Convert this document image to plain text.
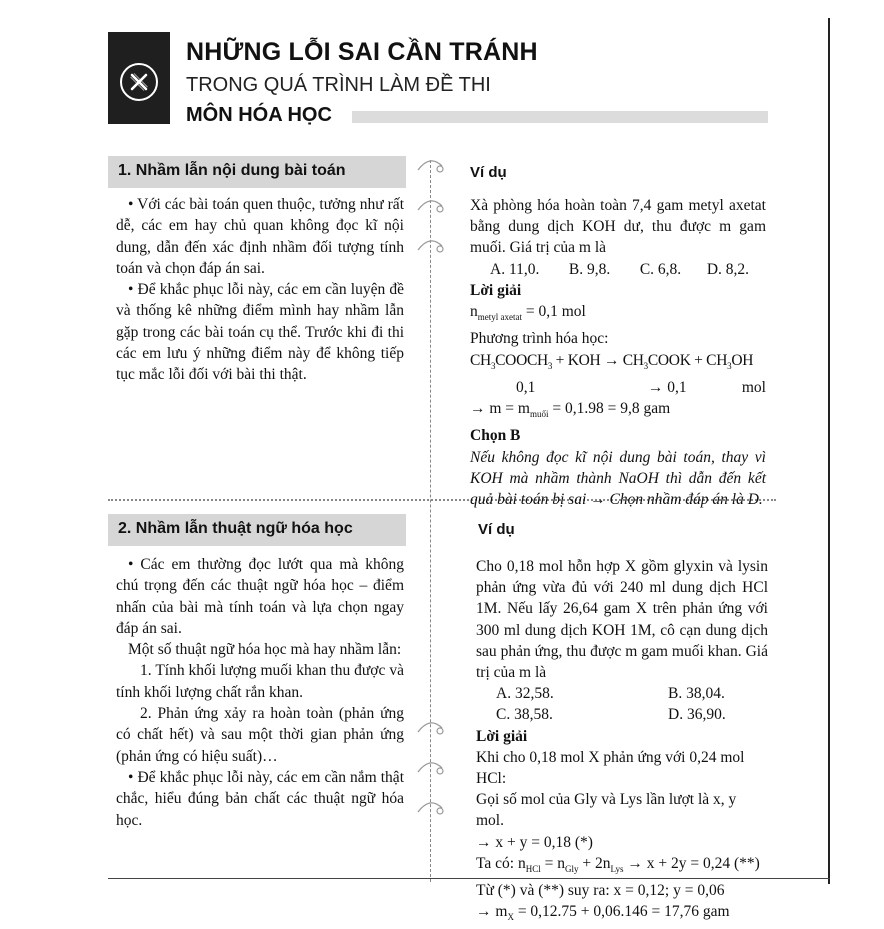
NHỮNG LỖI SAI CẦN TRÁNH
TRONG QUÁ TRÌNH LÀM ĐỀ THI
MÔN HÓA HỌC
1. Nhầm lẫn nội dung bài toán

• Với các bài toán quen thuộc, tưởng như rất dễ, các em hay chủ quan không đọc kĩ nội dung, dẫn đến xác định nhầm đối tượng tính toán và chọn đáp án sai.

• Để khắc phục lỗi này, các em cần luyện đề và thống kê những điểm mình hay nhầm lẫn gặp trong các bài toán cụ thể. Trước khi đi thi các em lưu ý những điểm này để không tiếp tục mắc lỗi đối với bài thi thật.

Ví dụ

Xà phòng hóa hoàn toàn 7,4 gam metyl axetat bằng dung dịch KOH dư, thu được m gam muối. Giá trị của m là

A. 11,0.	B. 9,8.	C. 6,8.	D. 8,2.

Lời giải

$n_{metyl axetat} = 0,1$ mol

Phương trình hóa học:

$CH_3COOCH_3$ + KOH → $CH_3COOK + CH_3OH$

0,1	→ 0,1	mol

→ $m = m_{muối} = 0,1.98 = 9,8$ gam

Chọn B

Nếu không đọc kĩ nội dung bài toán, thay vì KOH mà nhầm thành NaOH thì dẫn đến kết quả bài toán bị sai → Chọn nhầm đáp án là D.

2. Nhầm lẫn thuật ngữ hóa học

• Các em thường đọc lướt qua mà không chú trọng đến các thuật ngữ hóa học – điểm nhấn của bài mà tính toán và lựa chọn ngay đáp án sai.

Một số thuật ngữ hóa học mà hay nhầm lẫn:

1. Tính khối lượng muối khan thu được và tính khối lượng chất rắn khan.

2. Phản ứng xảy ra hoàn toàn (phản ứng có chất hết) và sau một thời gian phản ứng (phản ứng có hiệu suất)…

• Để khắc phục lỗi này, các em cần nắm thật chắc, hiểu đúng bản chất các thuật ngữ hóa học.

Ví dụ

Cho 0,18 mol hỗn hợp X gồm glyxin và lysin phản ứng vừa đủ với 240 ml dung dịch HCl 1M. Nếu lấy 26,64 gam X trên phản ứng với 300 ml dung dịch KOH 1M, cô cạn dung dịch sau phản ứng, thu được m gam muối khan. Giá trị của m là

A. 32,58.	B. 38,04.
C. 38,58.	D. 36,90.

Lời giải

Khi cho 0,18 mol X phản ứng với 0,24 mol HCl:

Gọi số mol của Gly và Lys lần lượt là x, y mol.

→ x + y = 0,18 (*)

Ta có: $n_{HCl} = n_{Gly} + 2n_{Lys} \to x + 2y = 0,24$ (**)

Từ (*) và (**) suy ra: x = 0,12; y = 0,06

→ $m_X = 0,12.75 + 0,06.146 = 17,76$ gam
